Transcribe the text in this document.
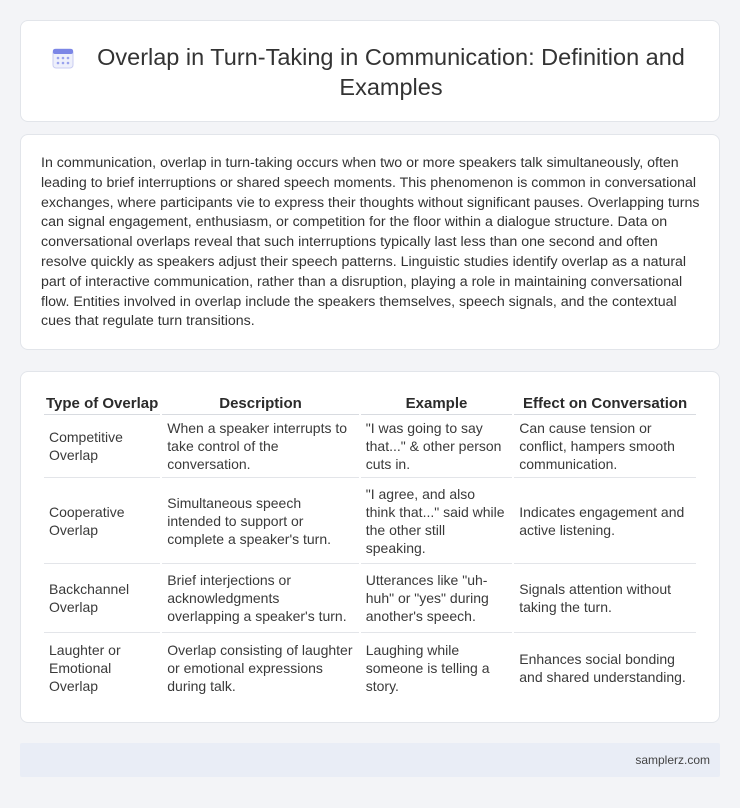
Overlap in Turn-Taking in Communication: Definition and Examples

In communication, overlap in turn-taking occurs when two or more speakers talk simultaneously, often leading to brief interruptions or shared speech moments. This phenomenon is common in conversational exchanges, where participants vie to express their thoughts without significant pauses. Overlapping turns can signal engagement, enthusiasm, or competition for the floor within a dialogue structure. Data on conversational overlaps reveal that such interruptions typically last less than one second and often resolve quickly as speakers adjust their speech patterns. Linguistic studies identify overlap as a natural part of interactive communication, rather than a disruption, playing a role in maintaining conversational flow. Entities involved in overlap include the speakers themselves, speech signals, and the contextual cues that regulate turn transitions.

Type of Overlap	Description	Example	Effect on Conversation
Competitive Overlap	When a speaker interrupts to take control of the conversation.	"I was going to say that..." & other person cuts in.	Can cause tension or conflict, hampers smooth communication.
Cooperative Overlap	Simultaneous speech intended to support or complete a speaker's turn.	"I agree, and also think that..." said while the other still speaking.	Indicates engagement and active listening.
Backchannel Overlap	Brief interjections or acknowledgments overlapping a speaker's turn.	Utterances like "uh-huh" or "yes" during another's speech.	Signals attention without taking the turn.
Laughter or Emotional Overlap	Overlap consisting of laughter or emotional expressions during talk.	Laughing while someone is telling a story.	Enhances social bonding and shared understanding.
samplerz.com
